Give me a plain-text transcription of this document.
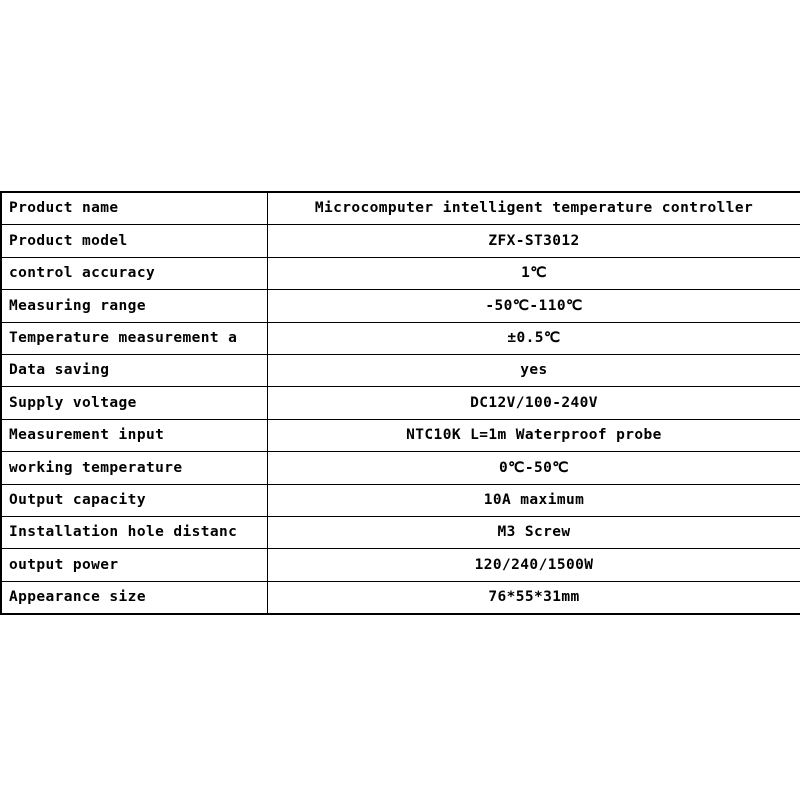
Product name	Microcomputer intelligent temperature controller
Product model	ZFX-ST3012
control accuracy	1℃
Measuring range	-50℃-110℃
Temperature measurement a	±0.5℃
Data saving	yes
Supply voltage	DC12V/100-240V
Measurement input	NTC10K L=1m Waterproof probe
working temperature	0℃-50℃
Output capacity	10A maximum
Installation hole distanc	M3 Screw
output power	120/240/1500W
Appearance size	76*55*31mm
